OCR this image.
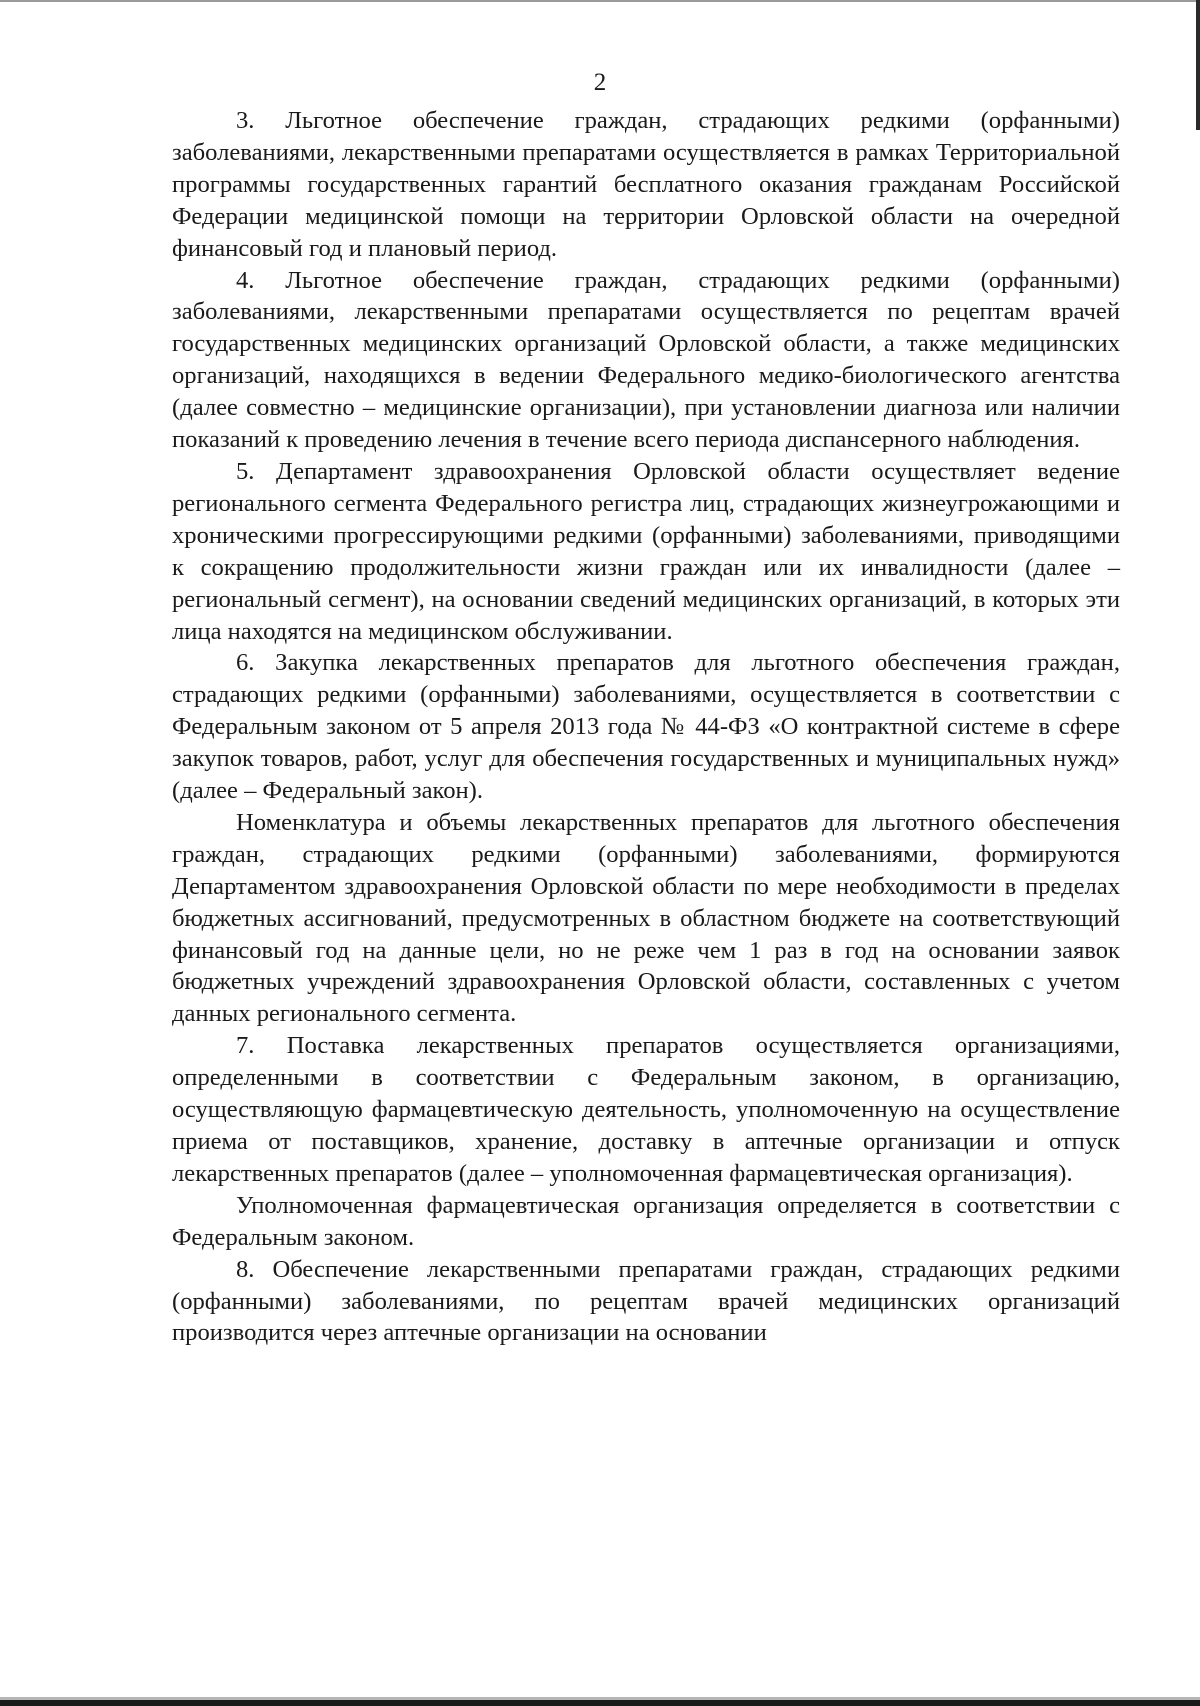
2

3. Льготное обеспечение граждан, страдающих редкими (орфанными) заболеваниями, лекарственными препаратами осуществляется в рамках Территориальной программы государственных гарантий бесплатного оказания гражданам Российской Федерации медицинской помощи на территории Орловской области на очередной финансовый год и плановый период.

4. Льготное обеспечение граждан, страдающих редкими (орфанными) заболеваниями, лекарственными препаратами осуществляется по рецептам врачей государственных медицинских организаций Орловской области, а также медицинских организаций, находящихся в ведении Федерального медико-биологического агентства (далее совместно – медицинские организации), при установлении диагноза или наличии показаний к проведению лечения в течение всего периода диспансерного наблюдения.

5. Департамент здравоохранения Орловской области осуществляет ведение регионального сегмента Федерального регистра лиц, страдающих жизнеугрожающими и хроническими прогрессирующими редкими (орфанными) заболеваниями, приводящими к сокращению продолжительности жизни граждан или их инвалидности (далее – региональный сегмент), на основании сведений медицинских организаций, в которых эти лица находятся на медицинском обслуживании.

6. Закупка лекарственных препаратов для льготного обеспечения граждан, страдающих редкими (орфанными) заболеваниями, осуществляется в соответствии с Федеральным законом от 5 апреля 2013 года № 44-ФЗ «О контрактной системе в сфере закупок товаров, работ, услуг для обеспечения государственных и муниципальных нужд» (далее – Федеральный закон).

Номенклатура и объемы лекарственных препаратов для льготного обеспечения граждан, страдающих редкими (орфанными) заболеваниями, формируются Департаментом здравоохранения Орловской области по мере необходимости в пределах бюджетных ассигнований, предусмотренных в областном бюджете на соответствующий финансовый год на данные цели, но не реже чем 1 раз в год на основании заявок бюджетных учреждений здравоохранения Орловской области, составленных с учетом данных регионального сегмента.

7. Поставка лекарственных препаратов осуществляется организациями, определенными в соответствии с Федеральным законом, в организацию, осуществляющую фармацевтическую деятельность, уполномоченную на осуществление приема от поставщиков, хранение, доставку в аптечные организации и отпуск лекарственных препаратов (далее – уполномоченная фармацевтическая организация).

Уполномоченная фармацевтическая организация определяется в соответствии с Федеральным законом.

8. Обеспечение лекарственными препаратами граждан, страдающих редкими (орфанными) заболеваниями, по рецептам врачей медицинских организаций производится через аптечные организации на основании
